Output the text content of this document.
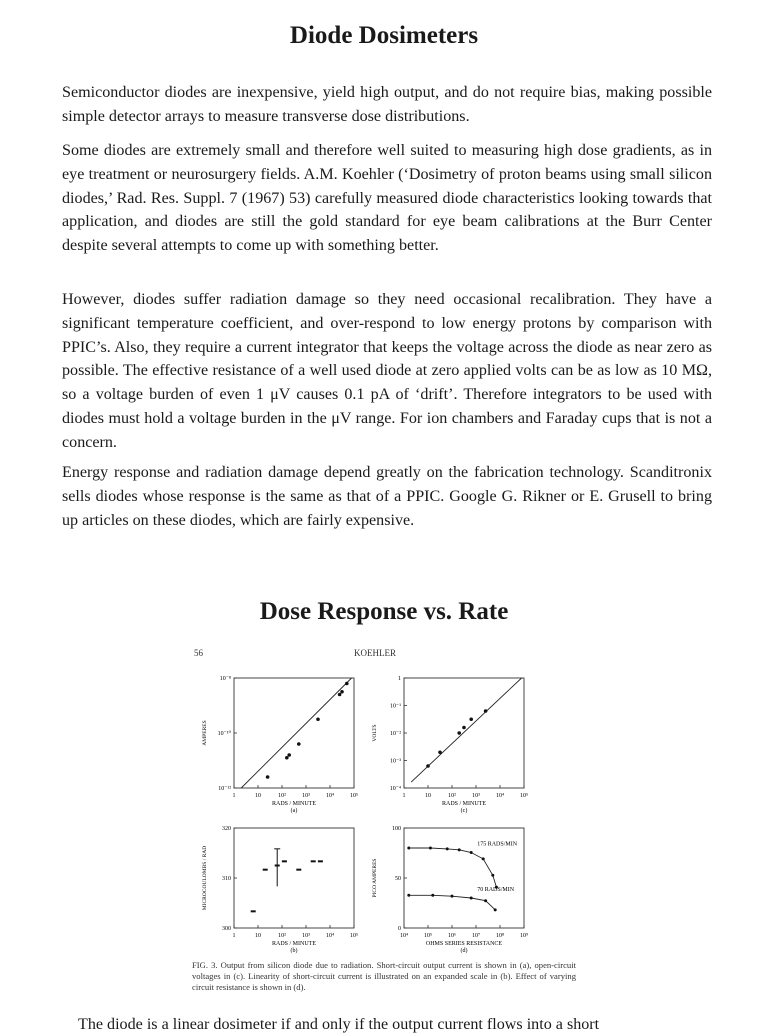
Diode Dosimeters

Semiconductor diodes are inexpensive, yield high output, and do not require bias, making possible simple detector arrays to measure transverse dose distributions.

Some diodes are extremely small and therefore well suited to measuring high dose gradients, as in eye treatment or neurosurgery fields. A.M. Koehler (‘Dosimetry of proton beams using small silicon diodes,’ Rad. Res. Suppl. 7 (1967) 53) carefully measured diode characteristics looking towards that application, and diodes are still the gold standard for eye beam calibrations at the Burr Center despite several attempts to come up with something better.

However, diodes suffer radiation damage so they need occasional recalibration. They have a significant temperature coefficient, and over-respond to low energy protons by comparison with PPIC’s. Also, they require a current integrator that keeps the voltage across the diode as near zero as possible. The effective resistance of a well used diode at zero applied volts can be as low as 10 MΩ, so a voltage burden of even 1 μV causes 0.1 pA of ‘drift’. Therefore integrators to be used with diodes must hold a voltage burden in the μV range. For ion chambers and Faraday cups that is not a concern.

Energy response and radiation damage depend greatly on the fabrication technology. Scanditronix sells diodes whose response is the same as that of a PPIC. Google G. Rikner or E. Grusell to bring up articles on these diodes, which are fairly expensive.

Dose Response vs. Rate
56	KOEHLER
1	10	10²	10³	10⁴	10⁵
10⁻⁸
10⁻¹⁰
10⁻¹²
RADS / MINUTE
(a)
AMPERES
1	10	10²	10³	10⁴	10⁵
1
10⁻¹
10⁻²
10⁻³
10⁻⁴
RADS / MINUTE
(c)
VOLTS
1	10	10²	10³	10⁴	10⁵
320
310
300
RADS / MINUTE
(b)
MICROCOULOMBS / RAD
10⁴	10⁵	10⁶	10⁷	10⁸	10⁹
100
50
0
OHMS SERIES RESISTANCE
(d)
PICO AMPERES
175 RADS/MIN
70 RADS/MIN

FIG. 3. Output from silicon diode due to radiation. Short-circuit output current is shown in (a), open-circuit voltages in (c). Linearity of short-circuit current is illustrated on an expanded scale in (b). Effect of varying circuit resistance is shown in (d).

The diode is a linear dosimeter if and only if the output current flows into a short
